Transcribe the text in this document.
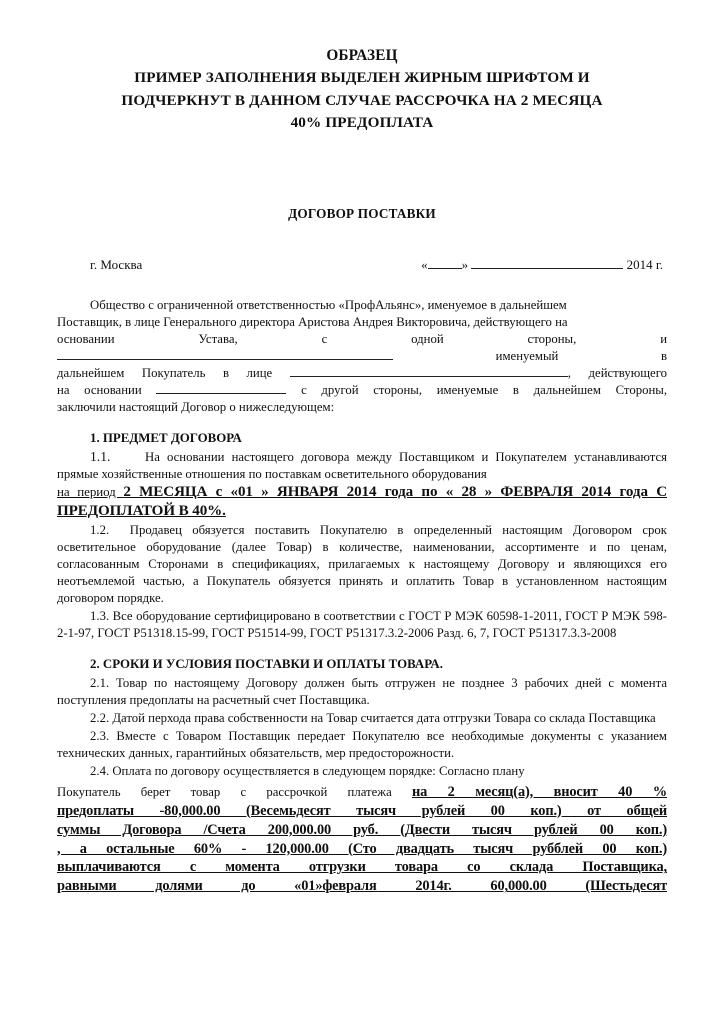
ОБРАЗЕЦ
ПРИМЕР ЗАПОЛНЕНИЯ ВЫДЕЛЕН ЖИРНЫМ ШРИФТОМ И
ПОДЧЕРКНУТ В ДАННОМ СЛУЧАЕ РАССРОЧКА НА 2 МЕСЯЦА
40% ПРЕДОПЛАТА
ДОГОВОР ПОСТАВКИ
г. Москва	«	»	2014 г.

Общество с ограниченной ответственностью «ПрофАльянс», именуемое в дальнейшем

Поставщик, в лице Генерального директора Аристова Андрея Викторовича, действующего на

основании	Устава,	с	одной	стороны,	и

именуемый	в

дальнейшем Покупатель в лице	, действующего

на основании	с другой стороны, именуемые в дальнейшем Стороны,

заключили настоящий Договор о нижеследующем:

1. ПРЕДМЕТ ДОГОВОРА

1.1.	На основании настоящего договора между Поставщиком и Покупателем устанавливаются прямые хозяйственные отношения по поставкам осветительного оборудования

на период 2 МЕСЯЦА с «01 » ЯНВАРЯ 2014 года по « 28 » ФЕВРАЛЯ 2014 года С ПРЕДОПЛАТОЙ В 40%.

1.2. Продавец обязуется поставить Покупателю в определенный настоящим Договором срок осветительное оборудование (далее Товар) в количестве, наименовании, ассортименте и по ценам, согласованным Сторонами в спецификациях, прилагаемых к настоящему Договору и являющихся его неотъемлемой частью, а Покупатель обязуется принять и оплатить Товар в установленном настоящим договором порядке.

1.3. Все оборудование сертифицировано в соответствии с ГОСТ Р МЭК 60598-1-2011, ГОСТ Р МЭК 598-2-1-97, ГОСТ Р51318.15-99, ГОСТ Р51514-99, ГОСТ Р51317.3.2-2006 Разд. 6, 7, ГОСТ Р51317.3.3-2008

2. СРОКИ И УСЛОВИЯ ПОСТАВКИ И ОПЛАТЫ ТОВАРА.

2.1. Товар по настоящему Договору должен быть отгружен не позднее 3 рабочих дней с момента поступления предоплаты на расчетный счет Поставщика.

2.2. Датой перхода права собственности на Товар считается дата отгрузки Товара со склада Поставщика

2.3. Вместе с Товаром Поставщик передает Покупателю все необходимые документы с указанием технических данных, гарантийных обязательств, мер предосторожности.

2.4. Оплата по договору осуществляется в следующем порядке: Согласно плану

Покупатель берет товар с рассрочкой платежа на 2 месяц(а), вносит 40 %
предоплаты -80,000.00 (Весемьдесят тысяч рублей 00 коп.) от общей
суммы Договора /Счета 200,000.00 руб. (Двести тысяч рублей 00 коп.)
, а остальные 60% - 120,000.00 (Сто двадцать тысяч рубблей 00 коп.)
выплачиваются с момента отгрузки товара со склада Поставщика,
равными долями до «01»февраля 2014г. 60,000.00 (Шестьдесят
